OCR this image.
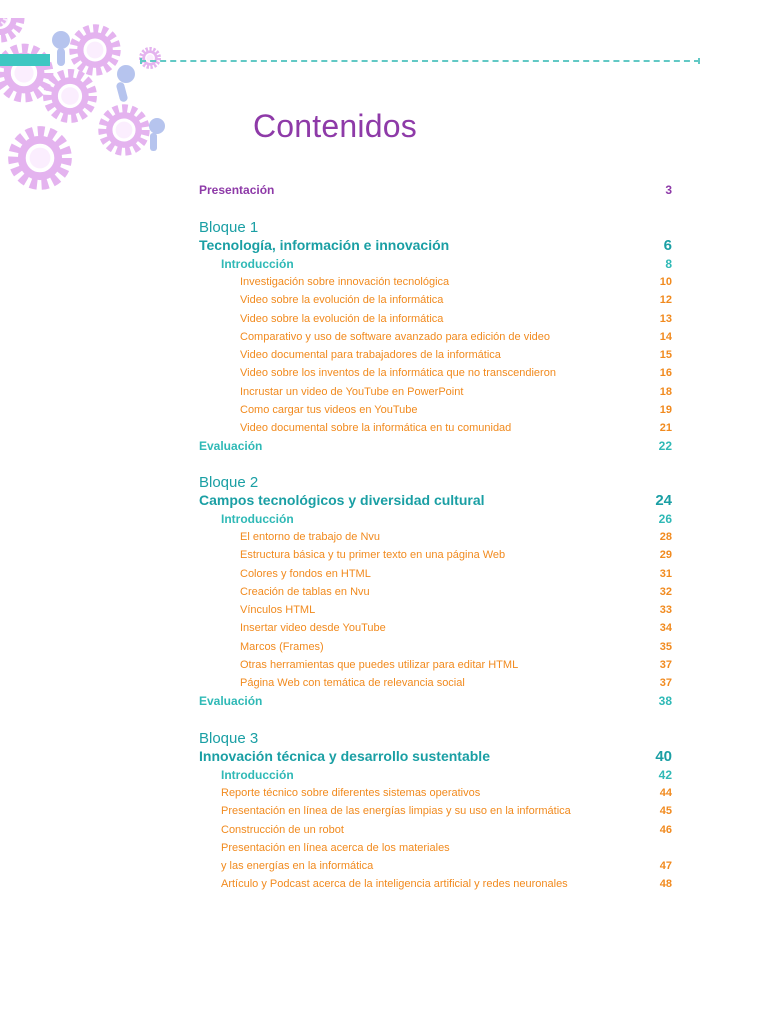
Contenidos
Presentación	3
Bloque 1
Tecnología, información e innovación	6
Introducción	8
Investigación sobre innovación tecnológica	10
Video sobre la evolución de la informática	12
Video sobre la evolución de la informática	13
Comparativo y uso de software avanzado para edición de video	14
Video documental para trabajadores de la informática	15
Video sobre los inventos de la informática que no transcendieron	16
Incrustar un video de YouTube en PowerPoint	18
Como cargar tus videos en YouTube	19
Video documental sobre la informática en tu comunidad	21
Evaluación	22
Bloque 2
Campos tecnológicos y diversidad cultural	24
Introducción	26
El entorno de trabajo de Nvu	28
Estructura básica y tu primer texto en una página Web	29
Colores y fondos en HTML	31
Creación de tablas en Nvu	32
Vínculos HTML	33
Insertar video desde YouTube	34
Marcos (Frames)	35
Otras herramientas que puedes utilizar para editar HTML	37
Página Web con temática de relevancia social	37
Evaluación	38
Bloque 3
Innovación técnica y desarrollo sustentable	40
Introducción	42
Reporte técnico sobre diferentes sistemas operativos	44
Presentación en línea de las energías limpias y su uso en la informática	45
Construcción de un robot	46
Presentación en línea acerca de los materiales
y las energías en la informática	47
Artículo y Podcast acerca de la inteligencia artificial y redes neuronales	48
